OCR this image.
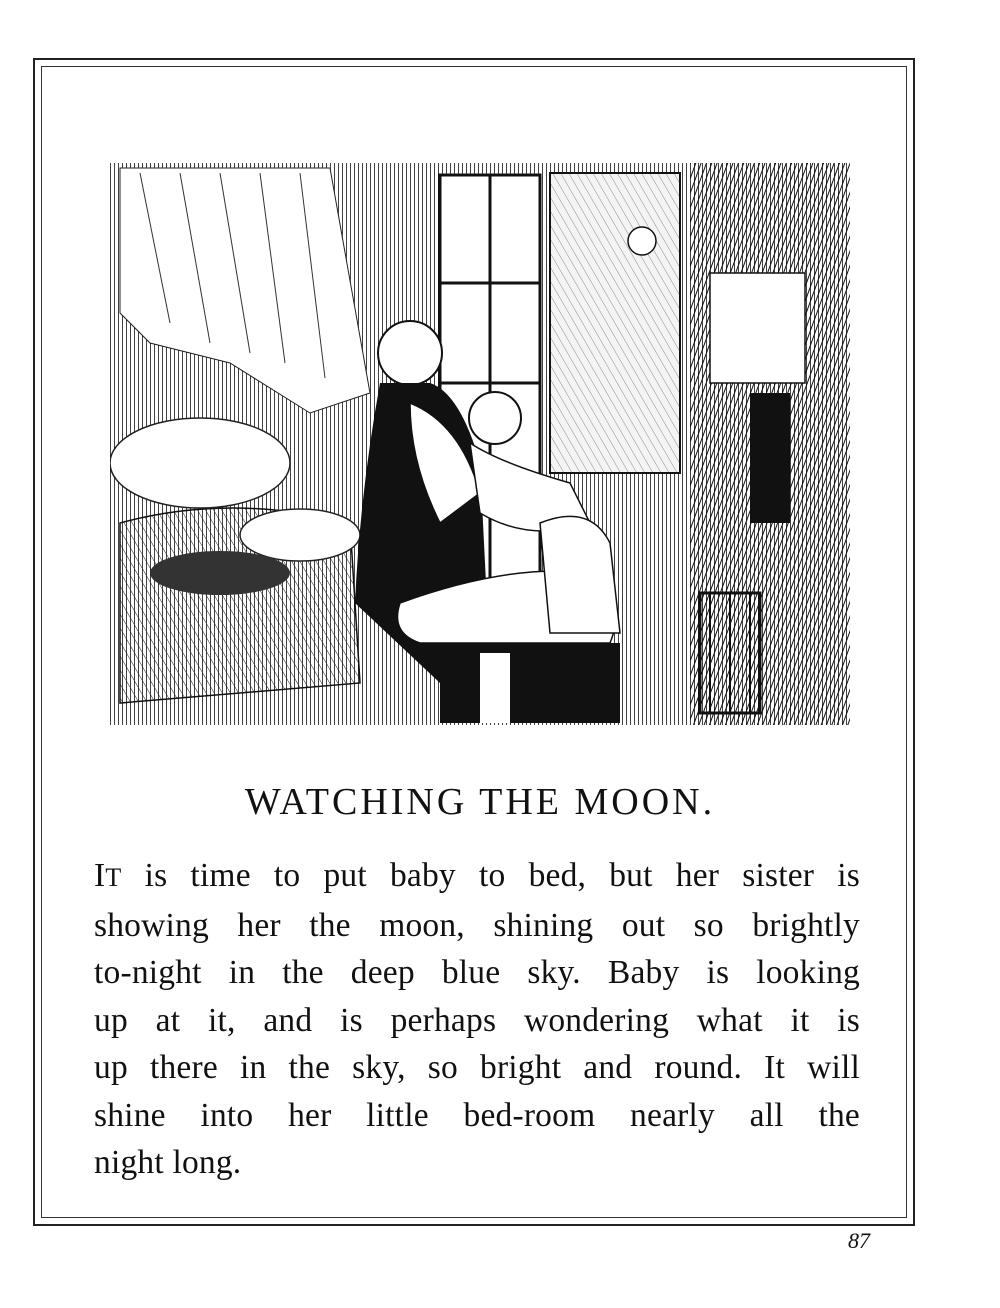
WATCHING THE MOON.

IT is time to put baby to bed, but her sister is
showing her the moon, shining out so brightly
to-night in the deep blue sky. Baby is looking
up at it, and is perhaps wondering what it is
up there in the sky, so bright and round. It will
shine into her little bed-room nearly all the
night long.

87
